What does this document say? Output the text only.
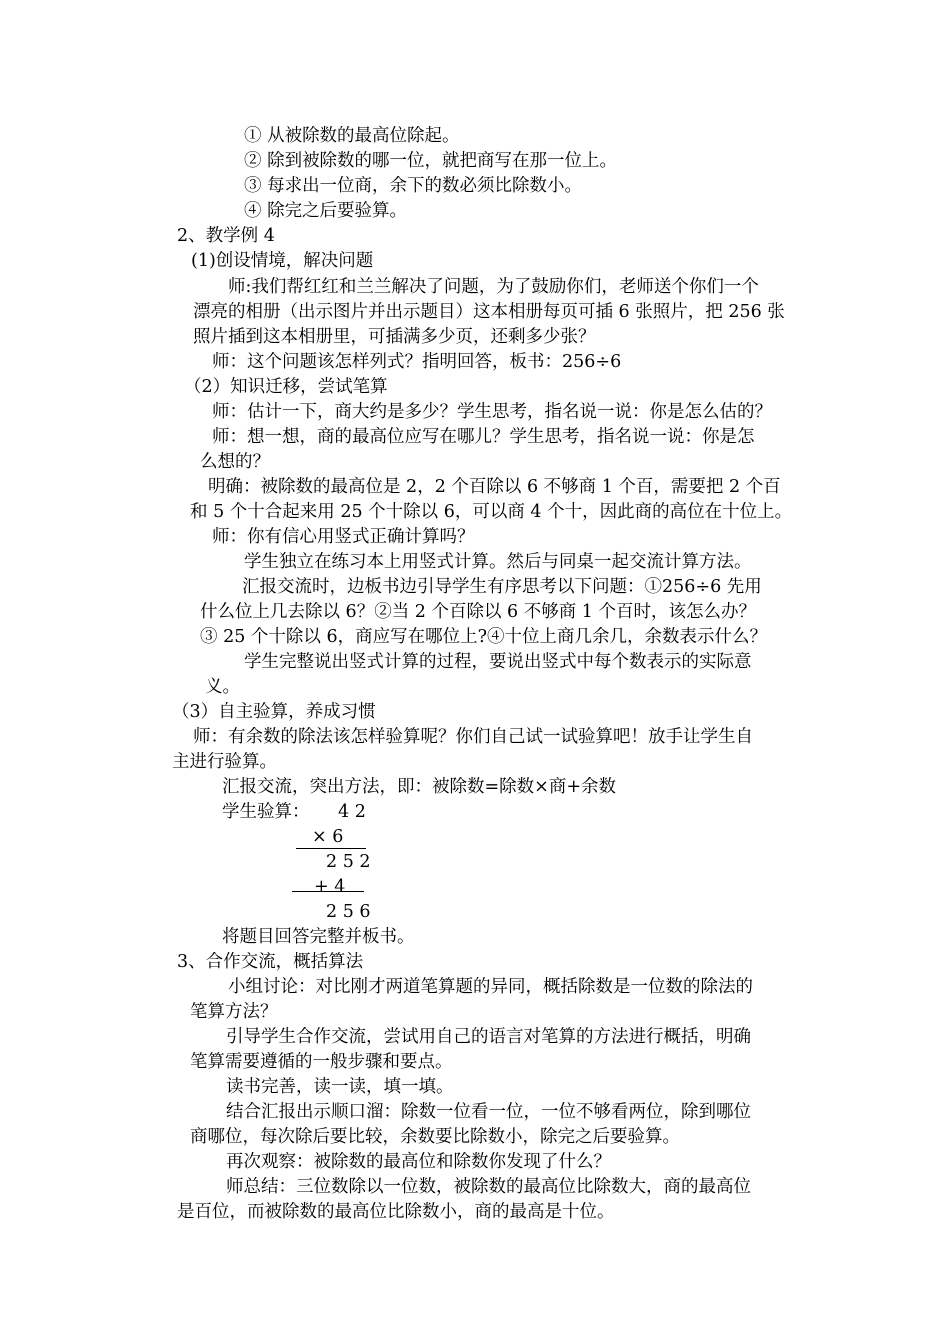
① 从被除数的最高位除起。
② 除到被除数的哪一位，就把商写在那一位上。
③ 每求出一位商，余下的数必须比除数小。
④ 除完之后要验算。
2、教学例 4
(1)创设情境，解决问题
师:我们帮红红和兰兰解决了问题，为了鼓励你们，老师送个你们一个
漂亮的相册（出示图片并出示题目）这本相册每页可插 6 张照片，把 256 张
照片插到这本相册里，可插满多少页，还剩多少张？
师：这个问题该怎样列式？指明回答，板书：256÷6
（2）知识迁移，尝试笔算
师：估计一下，商大约是多少？学生思考，指名说一说：你是怎么估的？
师：想一想，商的最高位应写在哪儿？学生思考，指名说一说：你是怎
么想的？
明确：被除数的最高位是 2，2 个百除以 6 不够商 1 个百，需要把 2 个百
和 5 个十合起来用 25 个十除以 6，可以商 4 个十，因此商的高位在十位上。
师：你有信心用竖式正确计算吗？
学生独立在练习本上用竖式计算。然后与同桌一起交流计算方法。
汇报交流时，边板书边引导学生有序思考以下问题：①256÷6 先用
什么位上几去除以 6？②当 2 个百除以 6 不够商 1 个百时，该怎么办？
③ 25 个十除以 6，商应写在哪位上?④十位上商几余几，余数表示什么？
学生完整说出竖式计算的过程，要说出竖式中每个数表示的实际意
义。
（3）自主验算，养成习惯
师：有余数的除法该怎样验算呢？你们自己试一试验算吧！放手让学生自
主进行验算。
汇报交流，突出方法，即：被除数=除数×商+余数
学生验算： 4 2
× 6
2 5 2
+ 4
2 5 6
将题目回答完整并板书。
3、合作交流，概括算法
小组讨论：对比刚才两道笔算题的异同，概括除数是一位数的除法的
笔算方法？
引导学生合作交流，尝试用自己的语言对笔算的方法进行概括，明确
笔算需要遵循的一般步骤和要点。
读书完善，读一读，填一填。
结合汇报出示顺口溜：除数一位看一位，一位不够看两位，除到哪位
商哪位，每次除后要比较，余数要比除数小，除完之后要验算。
再次观察：被除数的最高位和除数你发现了什么？
师总结：三位数除以一位数，被除数的最高位比除数大，商的最高位
是百位，而被除数的最高位比除数小，商的最高是十位。
